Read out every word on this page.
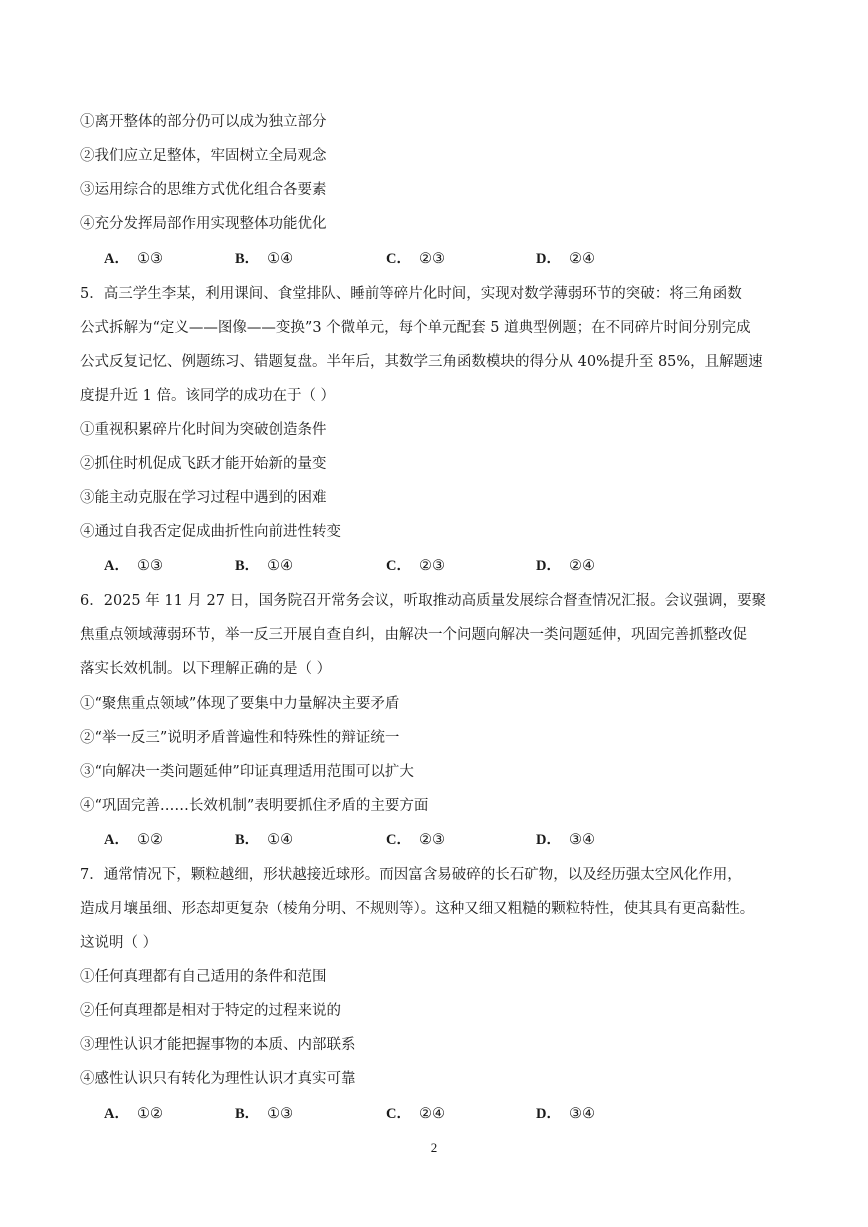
①离开整体的部分仍可以成为独立部分
②我们应立足整体，牢固树立全局观念
③运用综合的思维方式优化组合各要素
④充分发挥局部作用实现整体功能优化
A． ①③	B． ①④	C． ②③	D． ②④
5．高三学生李某，利用课间、食堂排队、睡前等碎片化时间，实现对数学薄弱环节的突破：将三角函数
公式拆解为“定义——图像——变换”3 个微单元，每个单元配套 5 道典型例题；在不同碎片时间分别完成
公式反复记忆、例题练习、错题复盘。半年后，其数学三角函数模块的得分从 40%提升至 85%，且解题速
度提升近 1 倍。该同学的成功在于（ ）
①重视积累碎片化时间为突破创造条件
②抓住时机促成飞跃才能开始新的量变
③能主动克服在学习过程中遇到的困难
④通过自我否定促成曲折性向前进性转变
A． ①③	B． ①④	C． ②③	D． ②④
6．2025 年 11 月 27 日，国务院召开常务会议，听取推动高质量发展综合督查情况汇报。会议强调，要聚
焦重点领域薄弱环节，举一反三开展自查自纠，由解决一个问题向解决一类问题延伸，巩固完善抓整改促
落实长效机制。以下理解正确的是（ ）
①“聚焦重点领域”体现了要集中力量解决主要矛盾
②“举一反三”说明矛盾普遍性和特殊性的辩证统一
③“向解决一类问题延伸”印证真理适用范围可以扩大
④“巩固完善……长效机制”表明要抓住矛盾的主要方面
A． ①②	B． ①④	C． ②③	D． ③④
7．通常情况下，颗粒越细，形状越接近球形。而因富含易破碎的长石矿物，以及经历强太空风化作用，
造成月壤虽细、形态却更复杂（棱角分明、不规则等）。这种又细又粗糙的颗粒特性，使其具有更高黏性。
这说明（ ）
①任何真理都有自己适用的条件和范围
②任何真理都是相对于特定的过程来说的
③理性认识才能把握事物的本质、内部联系
④感性认识只有转化为理性认识才真实可靠
A． ①②	B． ①③	C． ②④	D． ③④
2
